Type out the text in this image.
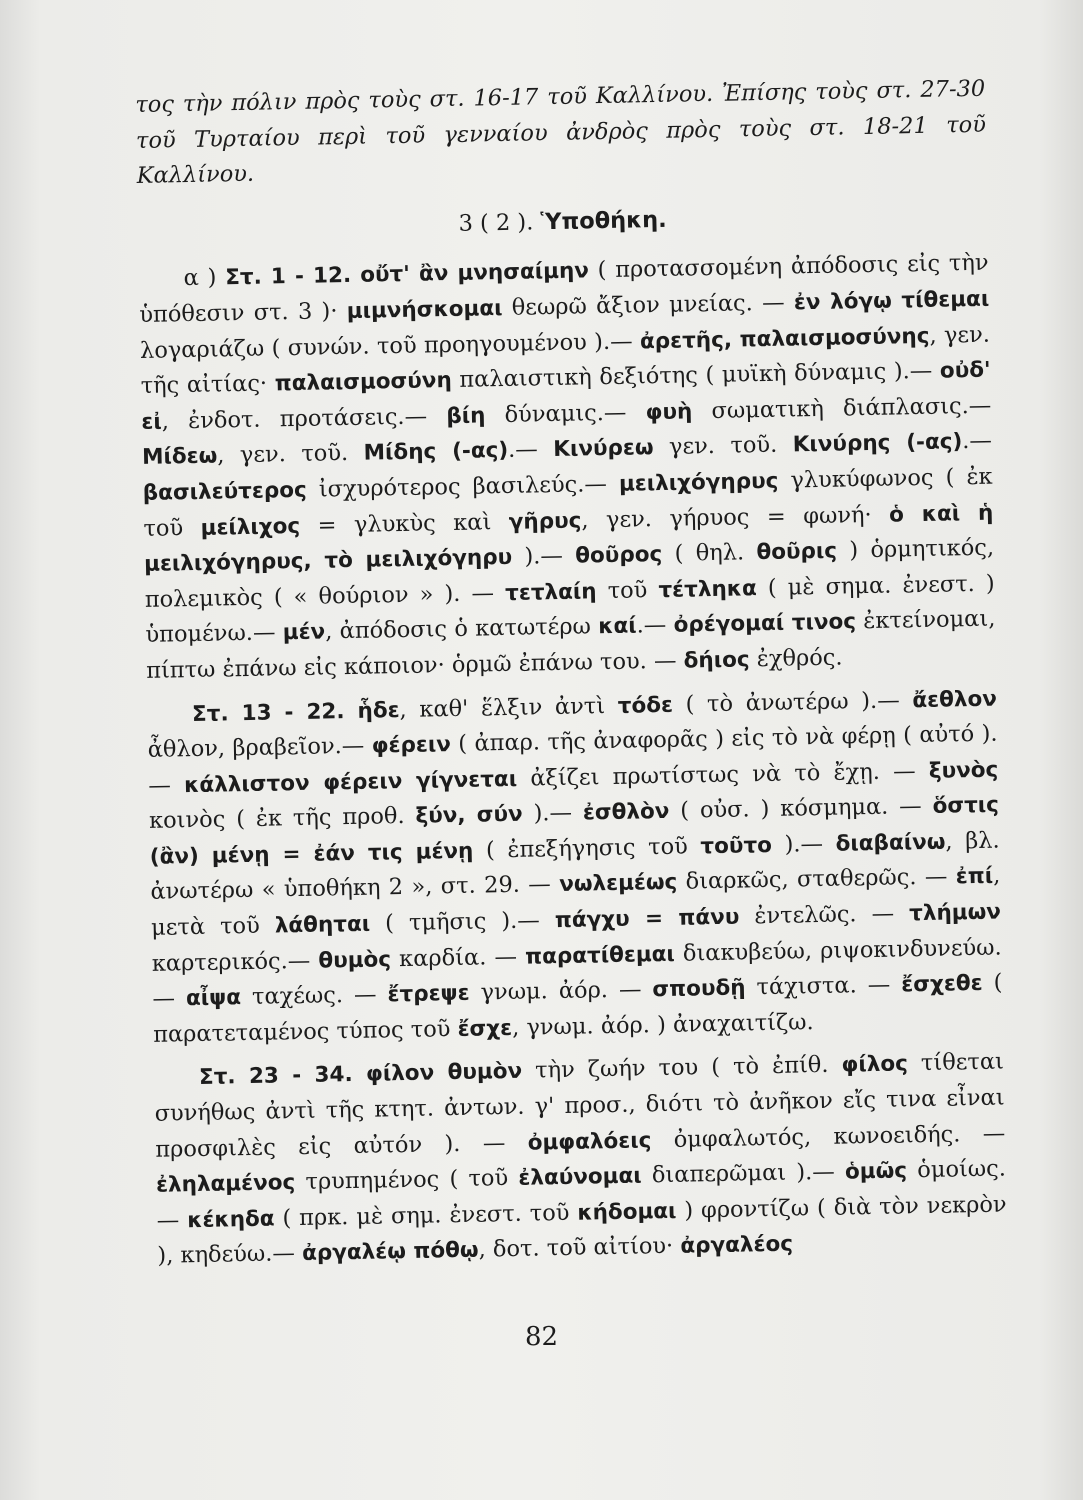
τος τὴν πόλιν πρὸς τοὺς στ. 16-17 τοῦ Καλλίνου. Ἐπίσης τοὺς στ. 27-30 τοῦ Τυρταίου περὶ τοῦ γενναίου ἀνδρὸς πρὸς τοὺς στ. 18-21 τοῦ Καλλίνου.

3 ( 2 ). Ὑποθήκη.

α ) Στ. 1 - 12. οὔτ' ἂν μνησαίμην ( προτασσομένη ἀπόδοσις εἰς τὴν ὑπόθεσιν στ. 3 )· μιμνήσκομαι θεωρῶ ἄξιον μνείας. — ἐν λόγῳ τίθεμαι λογαριάζω ( συνών. τοῦ προηγουμένου ).— ἀρετῆς, παλαισμοσύνης, γεν. τῆς αἰτίας· παλαισμοσύνη παλαιστικὴ δεξιότης ( μυϊκὴ δύναμις ).— οὐδ' εἰ, ἐνδοτ. προτάσεις.— βίη δύναμις.— φυὴ σωματικὴ διάπλασις.— Μίδεω, γεν. τοῦ. Μίδης (-ας).— Κινύρεω γεν. τοῦ. Κινύρης (-ας).— βασιλεύτερος ἰσχυρότερος βασιλεύς.— μειλιχόγηρυς γλυκύφωνος ( ἐκ τοῦ μείλιχος = γλυκὺς καὶ γῆρυς, γεν. γήρυος = φωνή· ὁ καὶ ἡ μειλιχόγηρυς, τὸ μειλιχόγηρυ ).— θοῦρος ( θηλ. θοῦρις ) ὁρμητικός, πολεμικὸς ( « θούριον » ). — τετλαίη τοῦ τέτληκα ( μὲ σημα. ἐνεστ. ) ὑπομένω.— μέν, ἀπόδοσις ὁ κατωτέρω καί.— ὀρέγομαί τινος ἐκτείνομαι, πίπτω ἐπάνω εἰς κάποιον· ὁρμῶ ἐπάνω του. — δήιος ἐχθρός.

Στ. 13 - 22. ἧδε, καθ' ἕλξιν ἀντὶ τόδε ( τὸ ἀνωτέρω ).— ἄεθλον ἆθλον, βραβεῖον.— φέρειν ( ἀπαρ. τῆς ἀναφορᾶς ) εἰς τὸ νὰ φέρῃ ( αὐτό ).— κάλλιστον φέρειν γίγνεται ἀξίζει πρωτίστως νὰ τὸ ἔχῃ. — ξυνὸς κοινὸς ( ἐκ τῆς προθ. ξύν, σύν ).— ἐσθλὸν ( οὐσ. ) κόσμημα. — ὅστις (ἂν) μένῃ = ἐάν τις μένῃ ( ἐπεξήγησις τοῦ τοῦτο ).— διαβαίνω, βλ. ἀνωτέρω « ὑποθήκη 2 », στ. 29. — νωλεμέως διαρκῶς, σταθερῶς. — ἐπί, μετὰ τοῦ λάθηται ( τμῆσις ).— πάγχυ = πάνυ ἐντελῶς. — τλήμων καρτερικός.— θυμὸς καρδία. — παρατίθεμαι διακυβεύω, ριψοκινδυνεύω. — αἶψα ταχέως. — ἔτρεψε γνωμ. ἀόρ. — σπουδῇ τάχιστα. — ἔσχεθε ( παρατεταμένος τύπος τοῦ ἔσχε, γνωμ. ἀόρ. ) ἀναχαιτίζω.

Στ. 23 - 34. φίλον θυμὸν τὴν ζωήν του ( τὸ ἐπίθ. φίλος τίθεται συνήθως ἀντὶ τῆς κτητ. ἀντων. γ' προσ., διότι τὸ ἀνῆκον εἴς τινα εἶναι προσφιλὲς εἰς αὐτόν ). — ὀμφαλόεις ὀμφαλωτός, κωνοειδής. — ἐληλαμένος τρυπημένος ( τοῦ ἐλαύνομαι διαπερῶμαι ).— ὁμῶς ὁμοίως. — κέκηδα ( πρκ. μὲ σημ. ἐνεστ. τοῦ κήδομαι ) φροντίζω ( διὰ τὸν νεκρὸν ), κηδεύω.— ἀργαλέῳ πόθῳ, δοτ. τοῦ αἰτίου· ἀργαλέος

82
